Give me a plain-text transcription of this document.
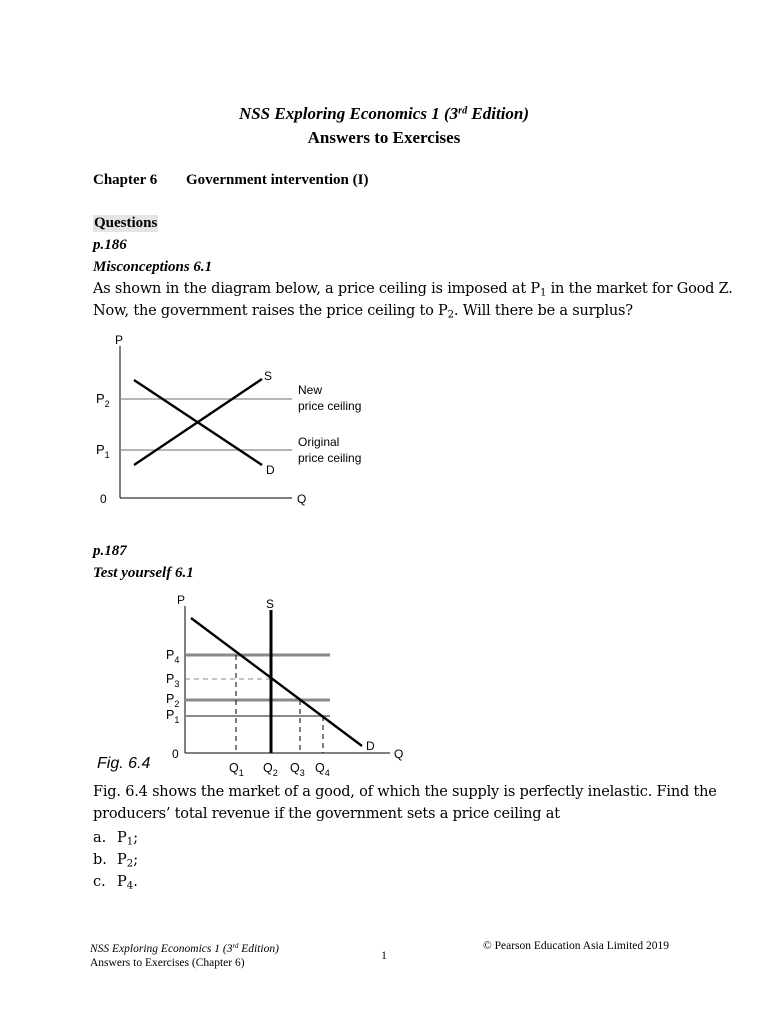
NSS Exploring Economics 1 (3rd Edition)
Answers to Exercises
Chapter 6 Government intervention (I)
Questions
p.186
Misconceptions 6.1
As shown in the diagram below, a price ceiling is imposed at $P_1$ in the market for Good Z.
Now, the government raises the price ceiling to $P_2$. Will there be a surplus?
P
Q
0
$P_2$
$P_1$
S
D
New
price ceiling
Original
price ceiling
p.187
Test yourself 6.1
P	S
Q
D
0
$P_4$
$P_3$
$P_2$
$P_1$
$Q_1$ $Q_2$ $Q_3$ $Q_4$
Fig. 6.4
Fig. 6.4 shows the market of a good, of which the supply is perfectly inelastic. Find the
producers’ total revenue if the government sets a price ceiling at
a. $P_1$;
b. $P_2$;
c. $P_4$.
NSS Exploring Economics 1 (3rd Edition)
Answers to Exercises (Chapter 6)
1
© Pearson Education Asia Limited 2019
